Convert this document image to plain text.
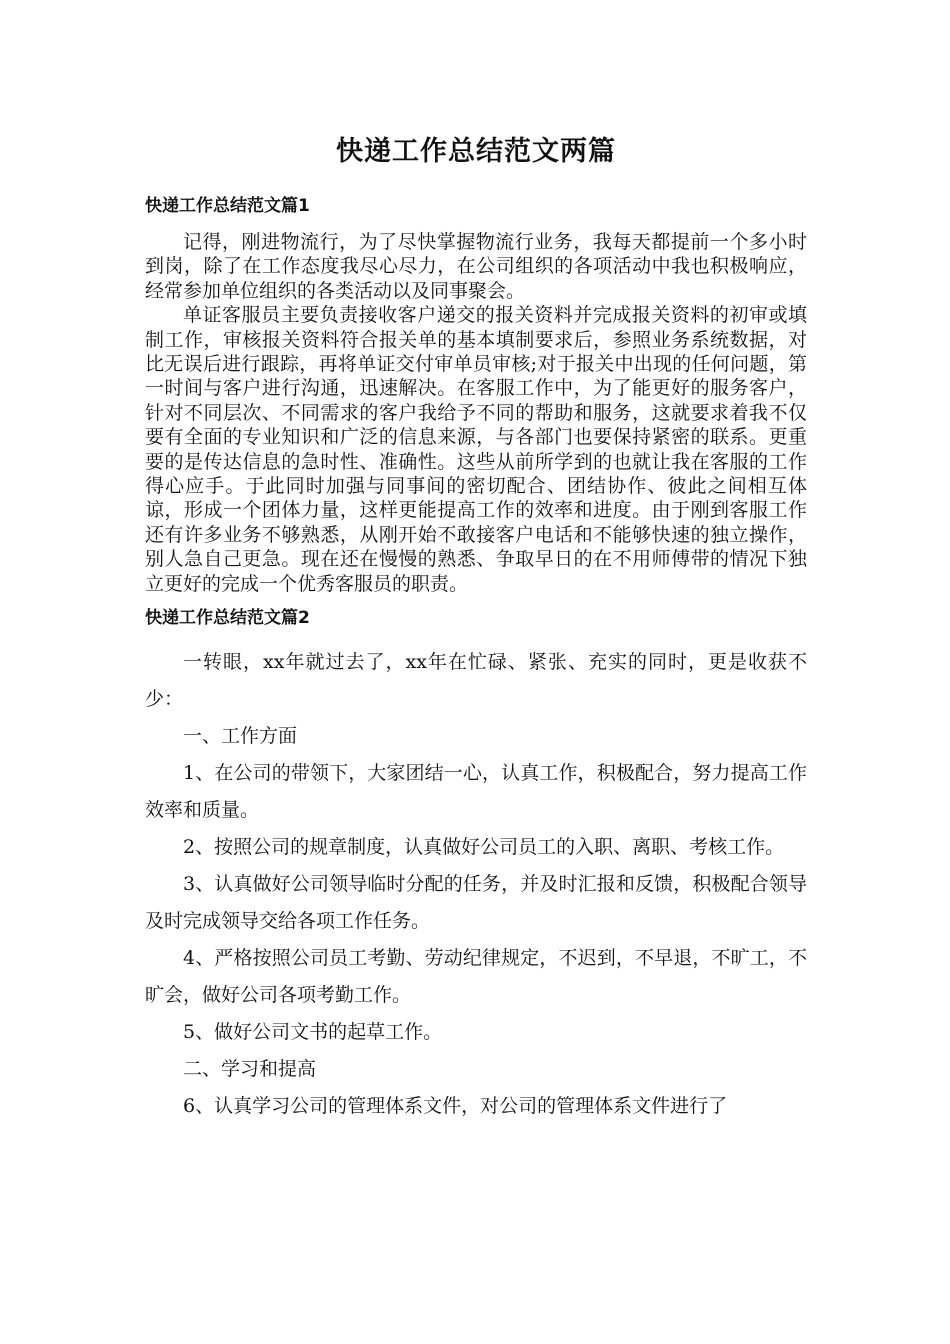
快递工作总结范文两篇
快递工作总结范文篇1

记得，刚进物流行，为了尽快掌握物流行业务，我每天都提前一个多小时到岗，除了在工作态度我尽心尽力，在公司组织的各项活动中我也积极响应，经常参加单位组织的各类活动以及同事聚会。

单证客服员主要负责接收客户递交的报关资料并完成报关资料的初审或填制工作，审核报关资料符合报关单的基本填制要求后，参照业务系统数据，对比无误后进行跟踪，再将单证交付审单员审核;对于报关中出现的任何问题，第一时间与客户进行沟通，迅速解决。在客服工作中，为了能更好的服务客户，针对不同层次、不同需求的客户我给予不同的帮助和服务，这就要求着我不仅要有全面的专业知识和广泛的信息来源，与各部门也要保持紧密的联系。更重要的是传达信息的急时性、准确性。这些从前所学到的也就让我在客服的工作得心应手。于此同时加强与同事间的密切配合、团结协作、彼此之间相互体谅，形成一个团体力量，这样更能提高工作的效率和进度。由于刚到客服工作还有许多业务不够熟悉，从刚开始不敢接客户电话和不能够快速的独立操作，别人急自己更急。现在还在慢慢的熟悉、争取早日的在不用师傅带的情况下独立更好的完成一个优秀客服员的职责。

快递工作总结范文篇2

一转眼，xx年就过去了，xx年在忙碌、紧张、充实的同时，更是收获不少：

一、工作方面

1、在公司的带领下，大家团结一心，认真工作，积极配合，努力提高工作效率和质量。

2、按照公司的规章制度，认真做好公司员工的入职、离职、考核工作。

3、认真做好公司领导临时分配的任务，并及时汇报和反馈，积极配合领导及时完成领导交给各项工作任务。

4、严格按照公司员工考勤、劳动纪律规定，不迟到，不早退，不旷工，不旷会，做好公司各项考勤工作。

5、做好公司文书的起草工作。

二、学习和提高

6、认真学习公司的管理体系文件，对公司的管理体系文件进行了
